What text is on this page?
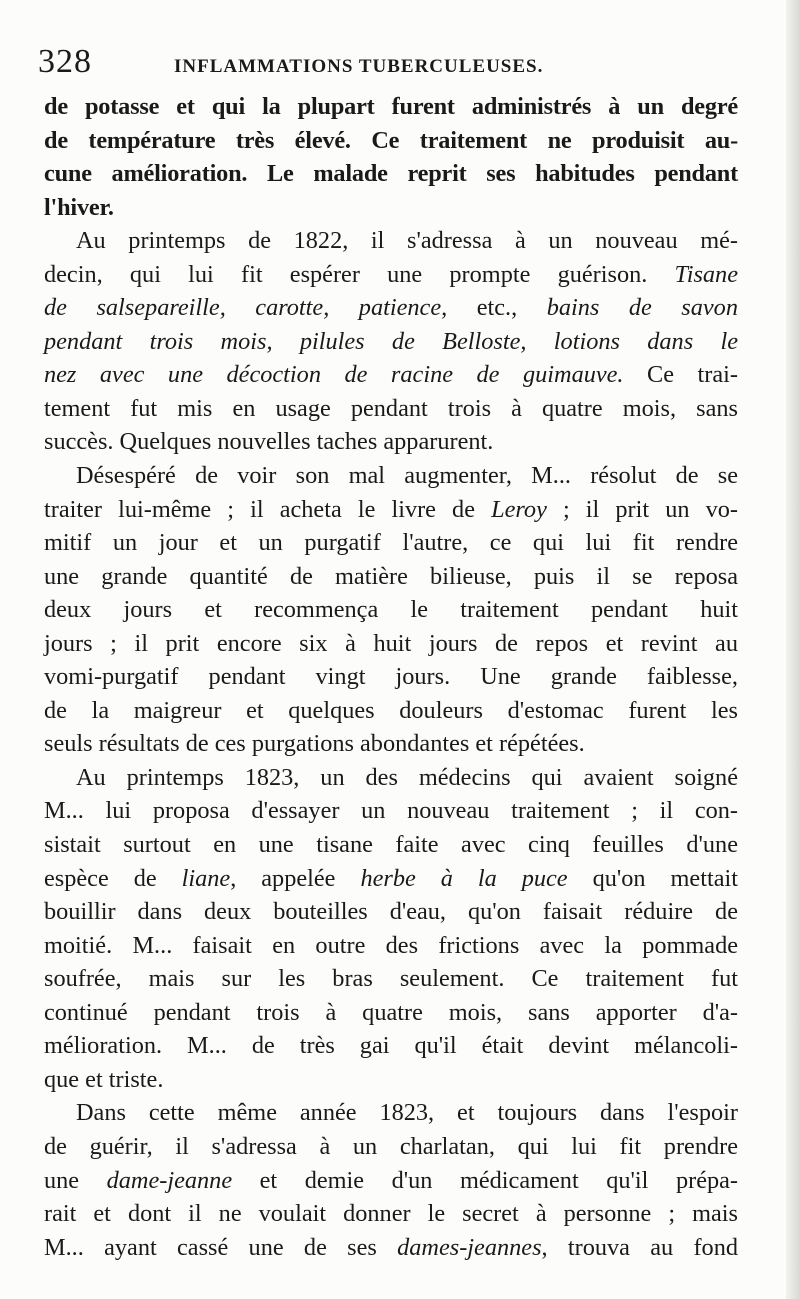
328	INFLAMMATIONS TUBERCULEUSES.
de potasse et qui la plupart furent administrés à un degré
de température très élevé. Ce traitement ne produisit au-
cune amélioration. Le malade reprit ses habitudes pendant
l'hiver.
Au printemps de 1822, il s'adressa à un nouveau mé-
decin, qui lui fit espérer une prompte guérison. Tisane
de salsepareille, carotte, patience, etc., bains de savon
pendant trois mois, pilules de Belloste, lotions dans le
nez avec une décoction de racine de guimauve. Ce trai-
tement fut mis en usage pendant trois à quatre mois, sans
succès. Quelques nouvelles taches apparurent.
Désespéré de voir son mal augmenter, M... résolut de se
traiter lui-même ; il acheta le livre de Leroy ; il prit un vo-
mitif un jour et un purgatif l'autre, ce qui lui fit rendre
une grande quantité de matière bilieuse, puis il se reposa
deux jours et recommença le traitement pendant huit
jours ; il prit encore six à huit jours de repos et revint au
vomi-purgatif pendant vingt jours. Une grande faiblesse,
de la maigreur et quelques douleurs d'estomac furent les
seuls résultats de ces purgations abondantes et répétées.
Au printemps 1823, un des médecins qui avaient soigné
M... lui proposa d'essayer un nouveau traitement ; il con-
sistait surtout en une tisane faite avec cinq feuilles d'une
espèce de liane, appelée herbe à la puce qu'on mettait
bouillir dans deux bouteilles d'eau, qu'on faisait réduire de
moitié. M... faisait en outre des frictions avec la pommade
soufrée, mais sur les bras seulement. Ce traitement fut
continué pendant trois à quatre mois, sans apporter d'a-
mélioration. M... de très gai qu'il était devint mélancoli-
que et triste.
Dans cette même année 1823, et toujours dans l'espoir
de guérir, il s'adressa à un charlatan, qui lui fit prendre
une dame-jeanne et demie d'un médicament qu'il prépa-
rait et dont il ne voulait donner le secret à personne ; mais
M... ayant cassé une de ses dames-jeannes, trouva au fond
